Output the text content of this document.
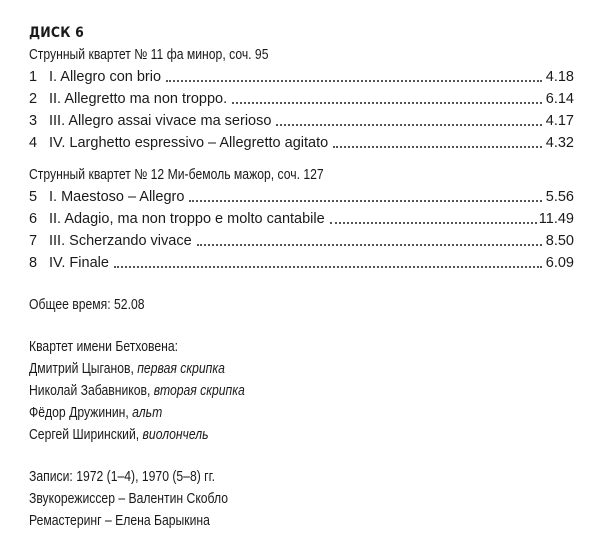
ДИСК 6
Струнный квартет № 11 фа минор, соч. 95
1 I. Allegro con brio	4.18
2 II. Allegretto ma non troppo.	6.14
3 III. Allegro assai vivace ma serioso	4.17
4 IV. Larghetto espressivo – Allegretto agitato	4.32
Струнный квартет № 12 Ми-бемоль мажор, соч. 127
5 I. Maestoso – Allegro	5.56
6 II. Adagio, ma non troppo e molto cantabile	11.49
7 III. Scherzando vivace	8.50
8 IV. Finale	6.09
Общее время: 52.08
Квартет имени Бетховена:
Дмитрий Цыганов, первая скрипка
Николай Забавников, вторая скрипка
Фёдор Дружинин, альт
Сергей Ширинский, виолончель
Записи: 1972 (1–4), 1970 (5–8) гг.
Звукорежиссер – Валентин Скобло
Ремастеринг – Елена Барыкина
